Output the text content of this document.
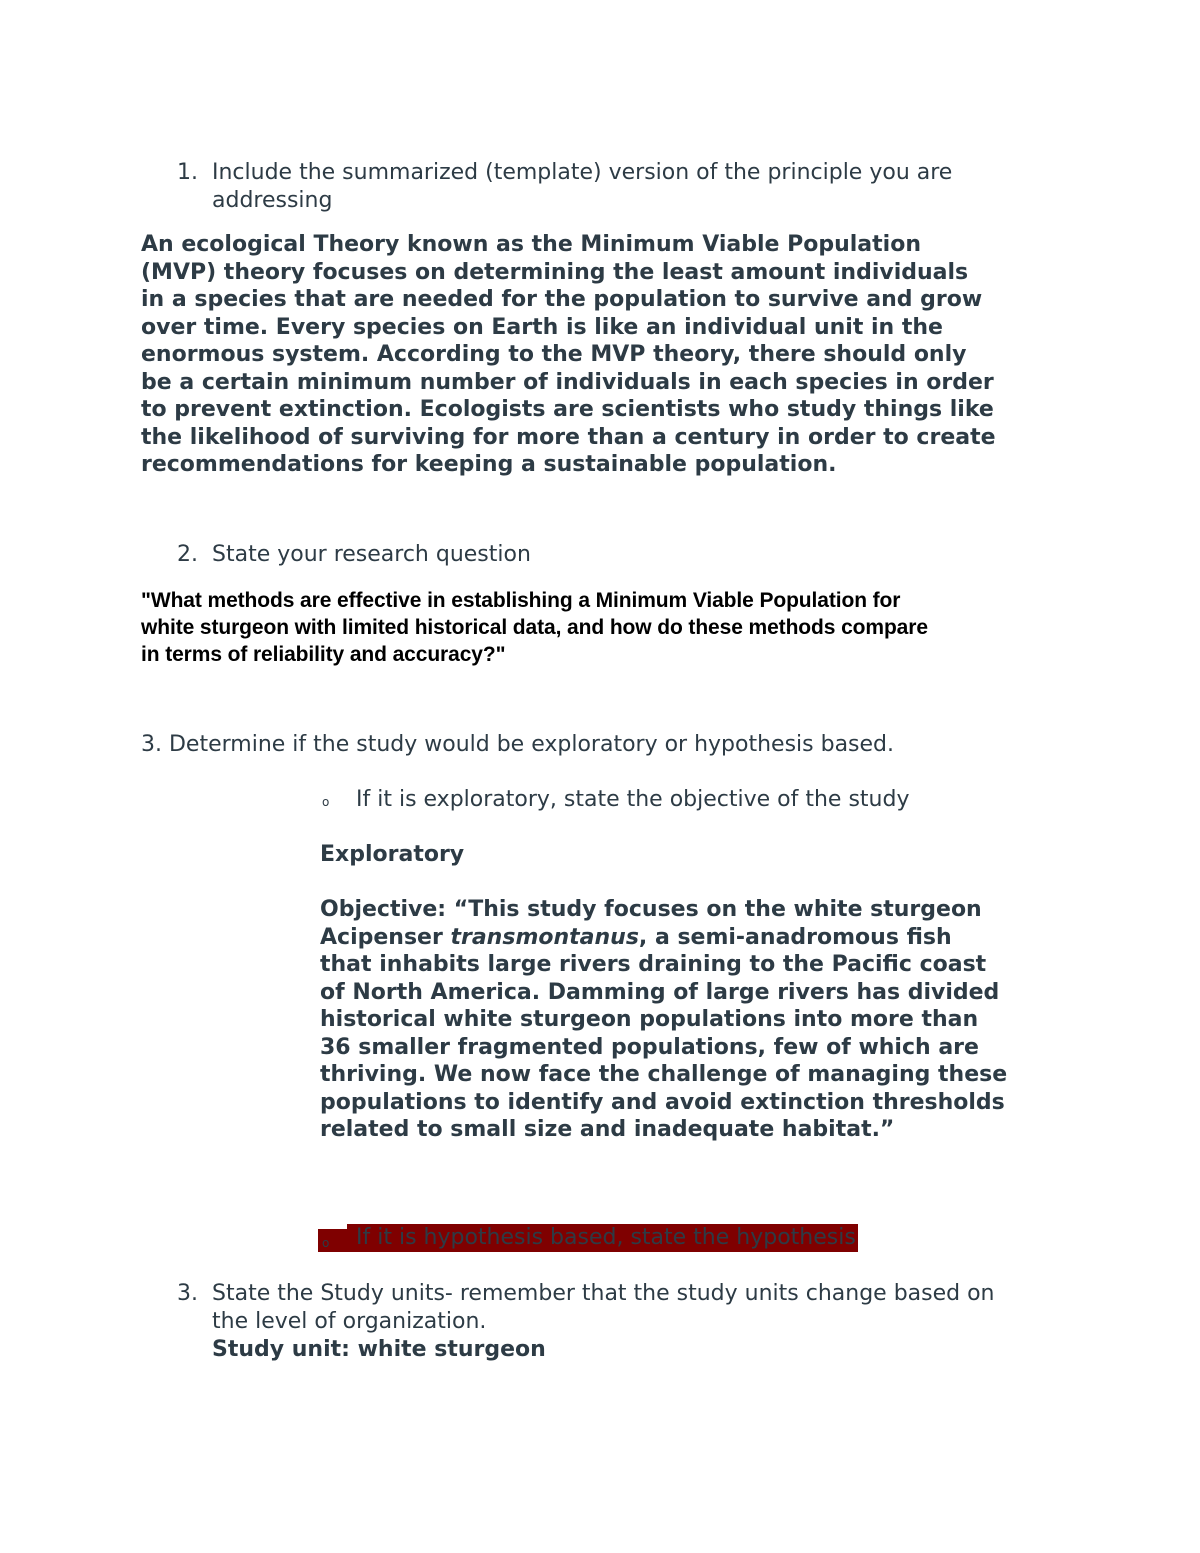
1. Include the summarized (template) version of the principle you are
addressing
An ecological Theory known as the Minimum Viable Population
(MVP) theory focuses on determining the least amount individuals
in a species that are needed for the population to survive and grow
over time. Every species on Earth is like an individual unit in the
enormous system. According to the MVP theory, there should only
be a certain minimum number of individuals in each species in order
to prevent extinction. Ecologists are scientists who study things like
the likelihood of surviving for more than a century in order to create
recommendations for keeping a sustainable population.
2. State your research question
"What methods are effective in establishing a Minimum Viable Population for
white sturgeon with limited historical data, and how do these methods compare
in terms of reliability and accuracy?"
3. Determine if the study would be exploratory or hypothesis based.
o If it is exploratory, state the objective of the study
Exploratory
Objective: “This study focuses on the white sturgeon
Acipenser transmontanus, a semi-anadromous fish
that inhabits large rivers draining to the Pacific coast
of North America. Damming of large rivers has divided
historical white sturgeon populations into more than
36 smaller fragmented populations, few of which are
thriving. We now face the challenge of managing these
populations to identify and avoid extinction thresholds
related to small size and inadequate habitat.”
o	If it is hypothesis based, state the hypothesis
3. State the Study units- remember that the study units change based on
the level of organization.
Study unit: white sturgeon
